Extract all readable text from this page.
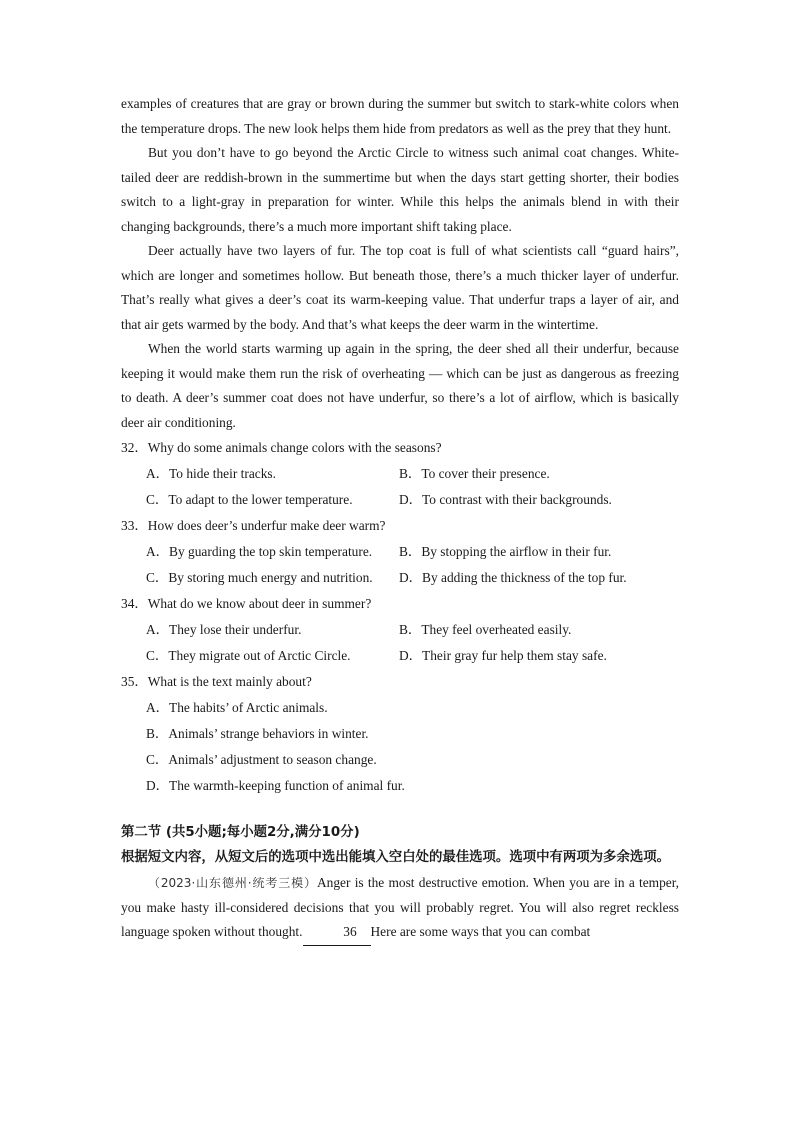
examples of creatures that are gray or brown during the summer but switch to stark-white colors when the temperature drops. The new look helps them hide from predators as well as the prey that they hunt.

But you don’t have to go beyond the Arctic Circle to witness such animal coat changes. White-tailed deer are reddish-brown in the summertime but when the days start getting shorter, their bodies switch to a light-gray in preparation for winter. While this helps the animals blend in with their changing backgrounds, there’s a much more important shift taking place.

Deer actually have two layers of fur. The top coat is full of what scientists call “guard hairs”, which are longer and sometimes hollow. But beneath those, there’s a much thicker layer of underfur. That’s really what gives a deer’s coat its warm-keeping value. That underfur traps a layer of air, and that air gets warmed by the body. And that’s what keeps the deer warm in the wintertime.

When the world starts warming up again in the spring, the deer shed all their underfur, because keeping it would make them run the risk of overheating — which can be just as dangerous as freezing to death. A deer’s summer coat does not have underfur, so there’s a lot of airflow, which is basically deer air conditioning.

32．Why do some animals change colors with the seasons?

A．To hide their tracks.	B．To cover their presence.
C．To adapt to the lower temperature.	D．To contrast with their backgrounds.

33．How does deer’s underfur make deer warm?

A．By guarding the top skin temperature.	B．By stopping the airflow in their fur.
C．By storing much energy and nutrition.	D．By adding the thickness of the top fur.

34．What do we know about deer in summer?

A．They lose their underfur.	B．They feel overheated easily.
C．They migrate out of Arctic Circle.	D．Their gray fur help them stay safe.

35．What is the text mainly about?

A．The habits’ of Arctic animals.

B．Animals’ strange behaviors in winter.

C．Animals’ adjustment to season change.

D．The warmth-keeping function of animal fur.

第二节 (共5小题;每小题2分,满分10分)

根据短文内容，从短文后的选项中选出能填入空白处的最佳选项。选项中有两项为多余选项。

（2023·山东德州·统考三模）Anger is the most destructive emotion. When you are in a temper, you make hasty ill-considered decisions that you will probably regret. You will also regret reckless language spoken without thought.	36 Here are some ways that you can combat
